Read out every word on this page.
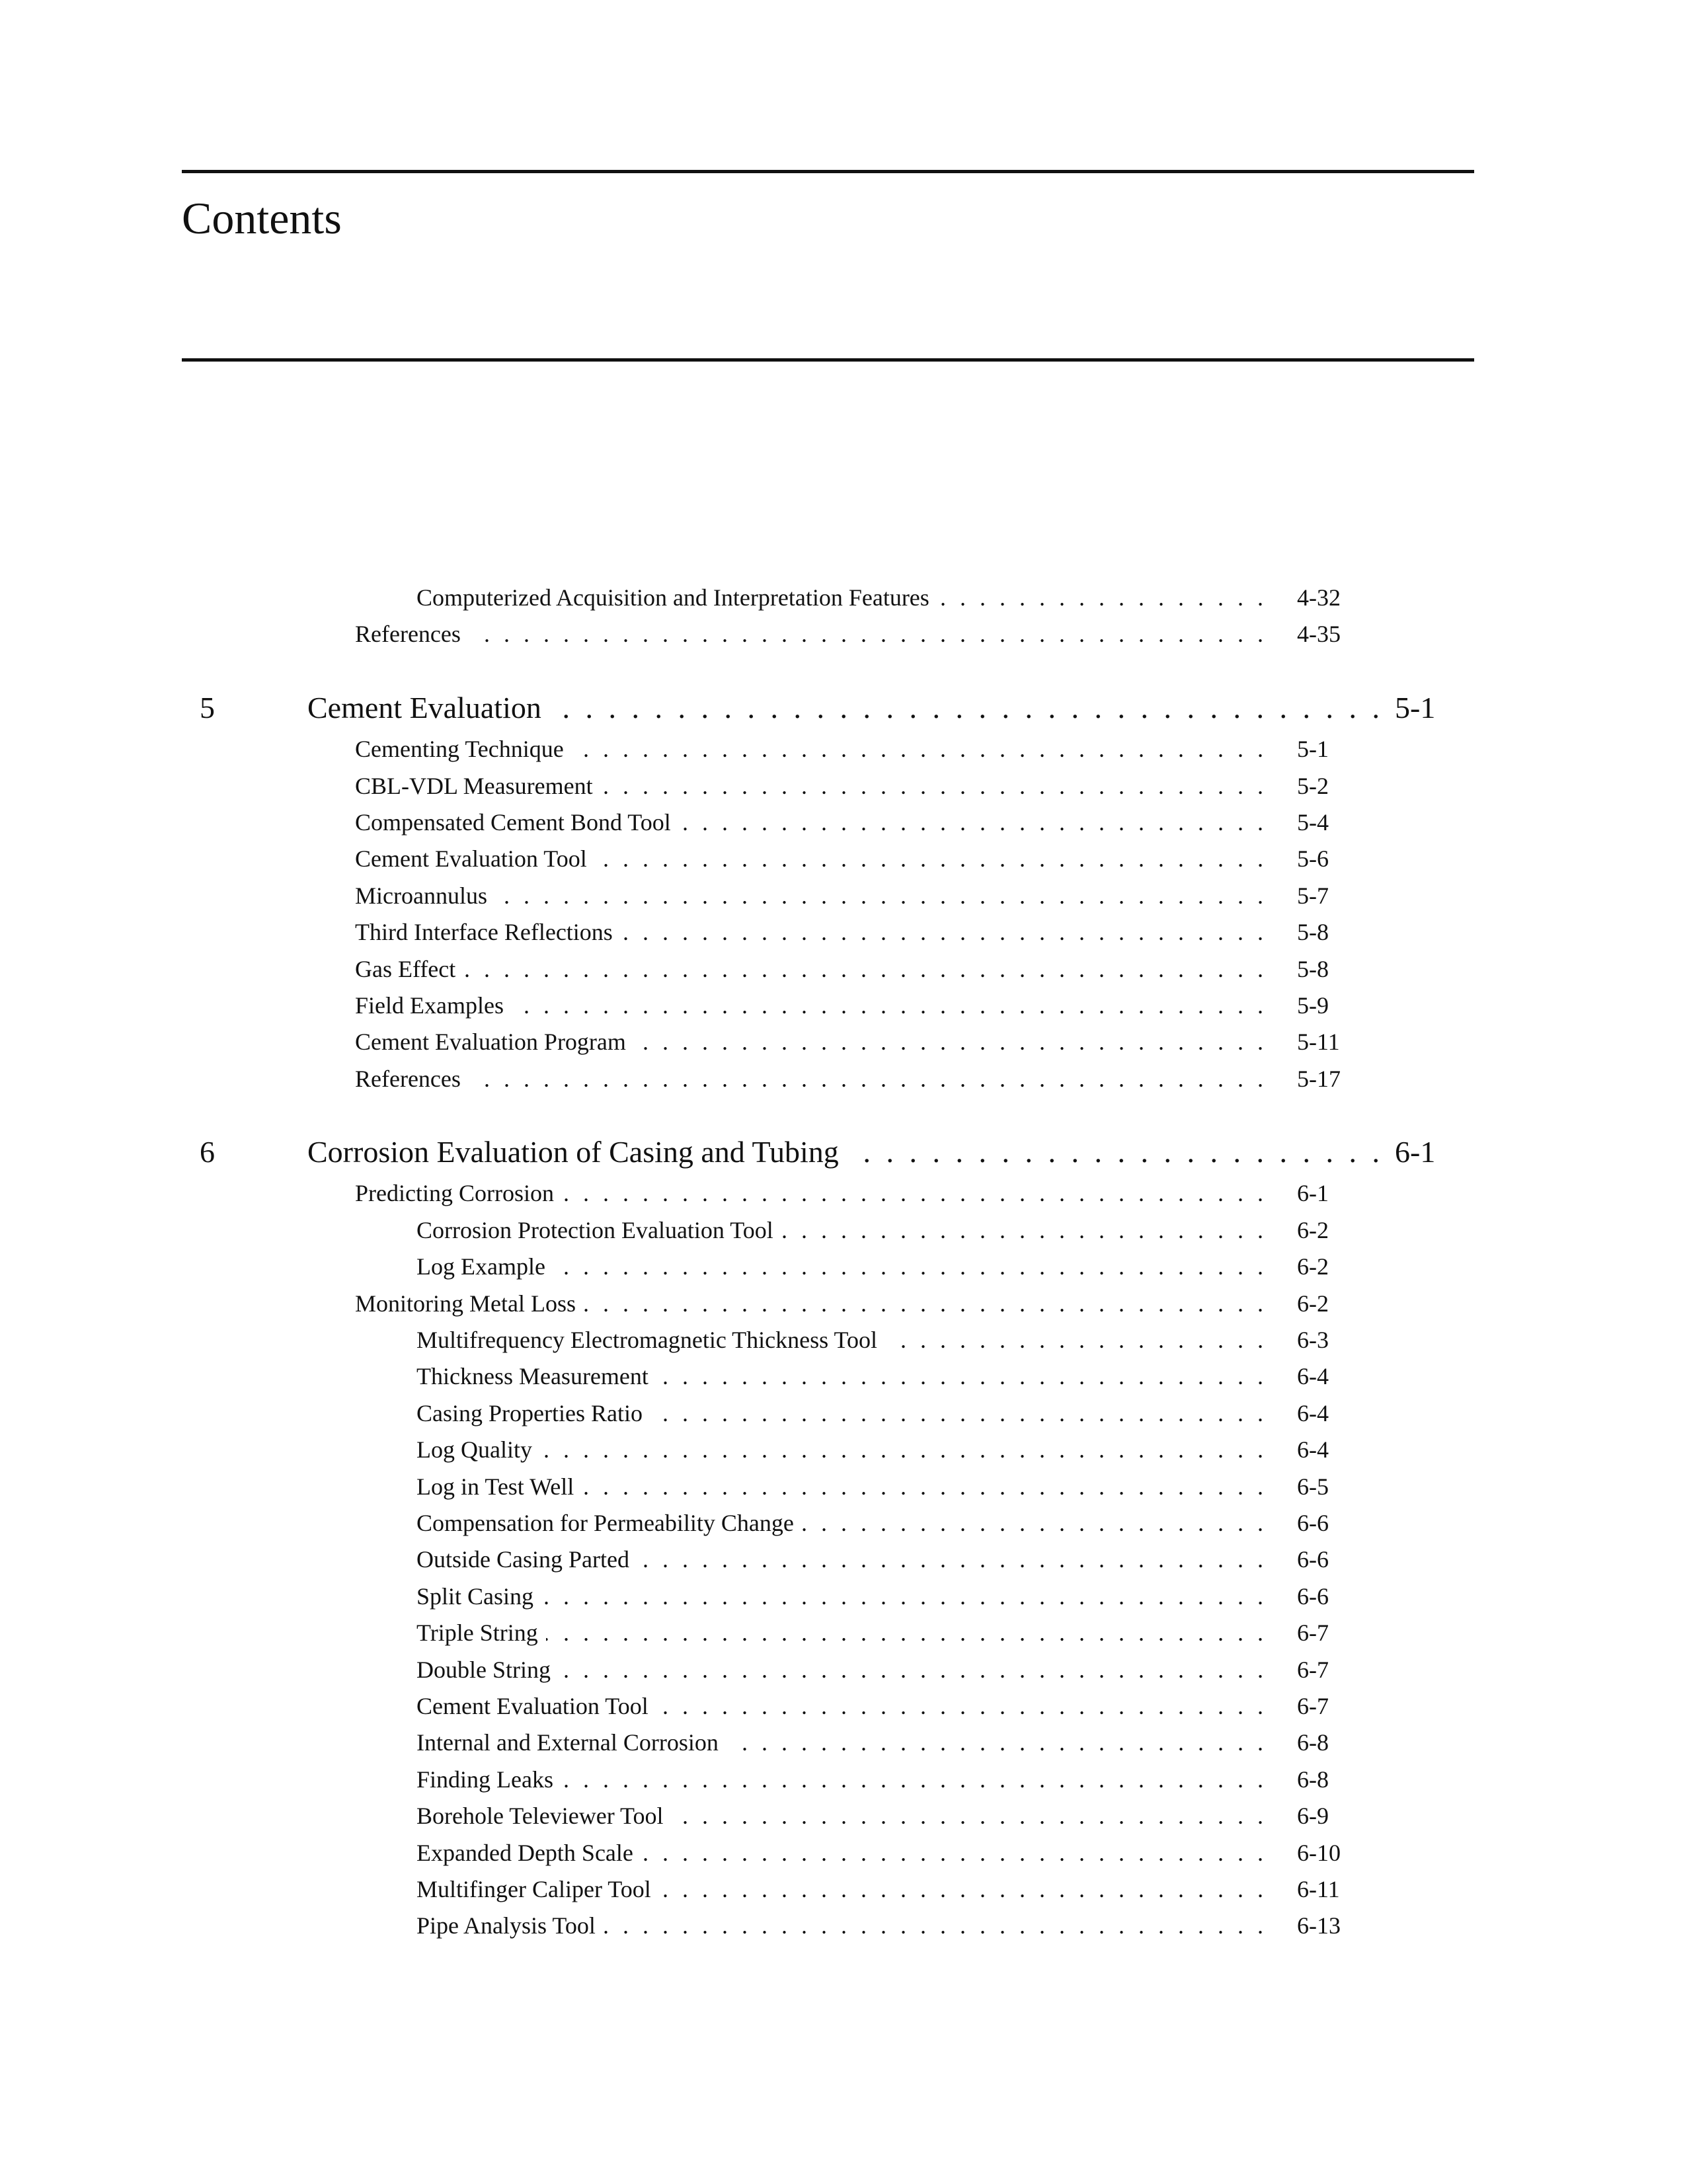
Contents
Computerized Acquisition and Interpretation Features . . .	4-32
References . . .	4-35
5	Cement Evaluation . . .	5-1
Cementing Technique . . .	5-1
CBL-VDL Measurement . . .	5-2
Compensated Cement Bond Tool . . .	5-4
Cement Evaluation Tool . . .	5-6
Microannulus . . .	5-7
Third Interface Reflections . . .	5-8
Gas Effect . . .	5-8
Field Examples . . .	5-9
Cement Evaluation Program . . .	5-11
References . . .	5-17
6	Corrosion Evaluation of Casing and Tubing . . .	6-1
Predicting Corrosion . . .	6-1
Corrosion Protection Evaluation Tool . . .	6-2
Log Example . . .	6-2
Monitoring Metal Loss . . .	6-2
Multifrequency Electromagnetic Thickness Tool . . .	6-3
Thickness Measurement . . .	6-4
Casing Properties Ratio . . .	6-4
Log Quality . . .	6-4
Log in Test Well . . .	6-5
Compensation for Permeability Change . . .	6-6
Outside Casing Parted . . .	6-6
Split Casing . . .	6-6
Triple String . . .	6-7
Double String . . .	6-7
Cement Evaluation Tool . . .	6-7
Internal and External Corrosion . . .	6-8
Finding Leaks . . .	6-8
Borehole Televiewer Tool . . .	6-9
Expanded Depth Scale . . .	6-10
Multifinger Caliper Tool . . .	6-11
Pipe Analysis Tool . . .	6-13
